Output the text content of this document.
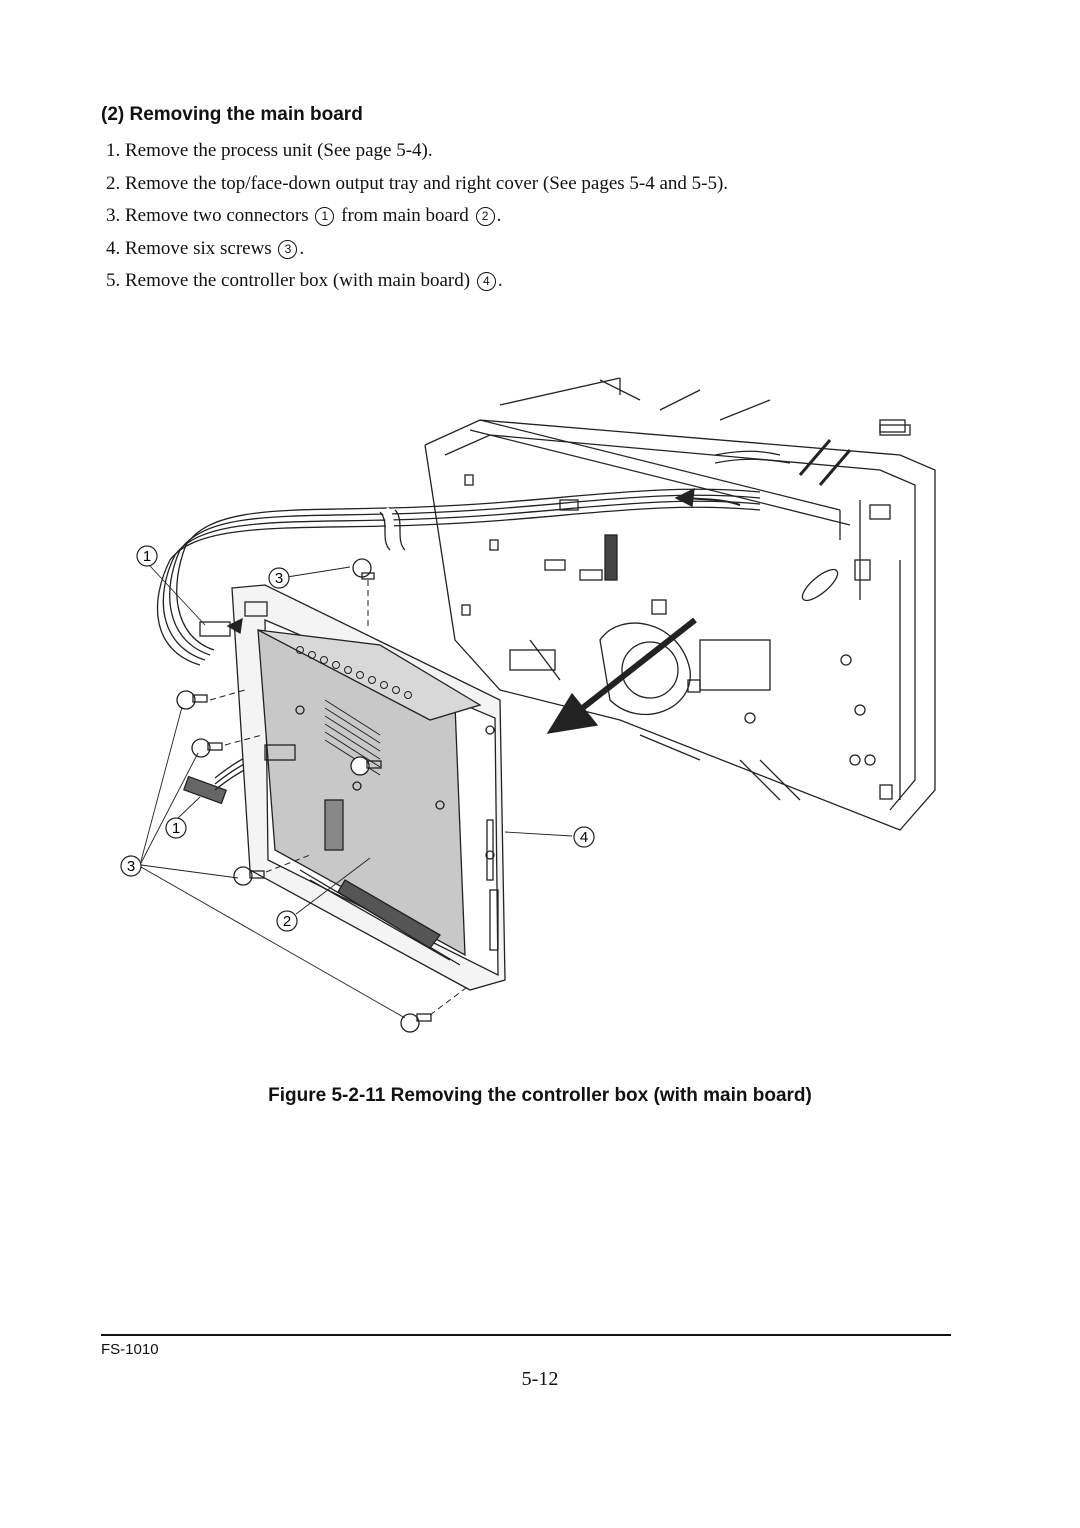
(2) Removing the main board
1. Remove the process unit (See page 5-4).
2. Remove the top/face-down output tray and right cover (See pages 5-4 and 5-5).
3. Remove two connectors 1 from main board 2 .
4. Remove six screws 3 .
5. Remove the controller box (with main board) 4 .
1
3
1
3
2
4
Figure 5-2-11 Removing the controller box (with main board)
FS-1010
5-12
